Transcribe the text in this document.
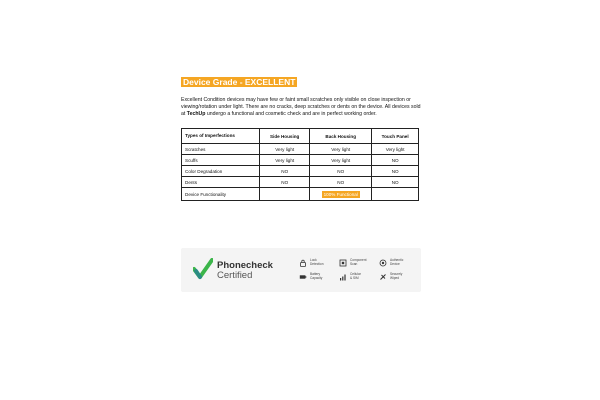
Device Grade - EXCELLENT
Excellent Condition devices may have few or faint small scratches only visible on close inspection or viewing/rotation under light. There are no cracks, deep scratches or dents on the device. All devices sold at TechUp undergo a functional and cosmetic check and are in perfect working order.
Types of Imperfections	Side Housing	Back Housing	Touch Panel
Scratches	Very light	Very light	Very light
Scuffs	Very light	Very light	NO
Color Degradation	NO	NO	NO
Dents	NO	NO	NO
Device Functionality		100% Functional	
Phonecheck
Certified
Lock
Detection
Component
Scan
Authentic
Device
Battery
Capacity
Cellular
& SIM
Securely
Wiped
